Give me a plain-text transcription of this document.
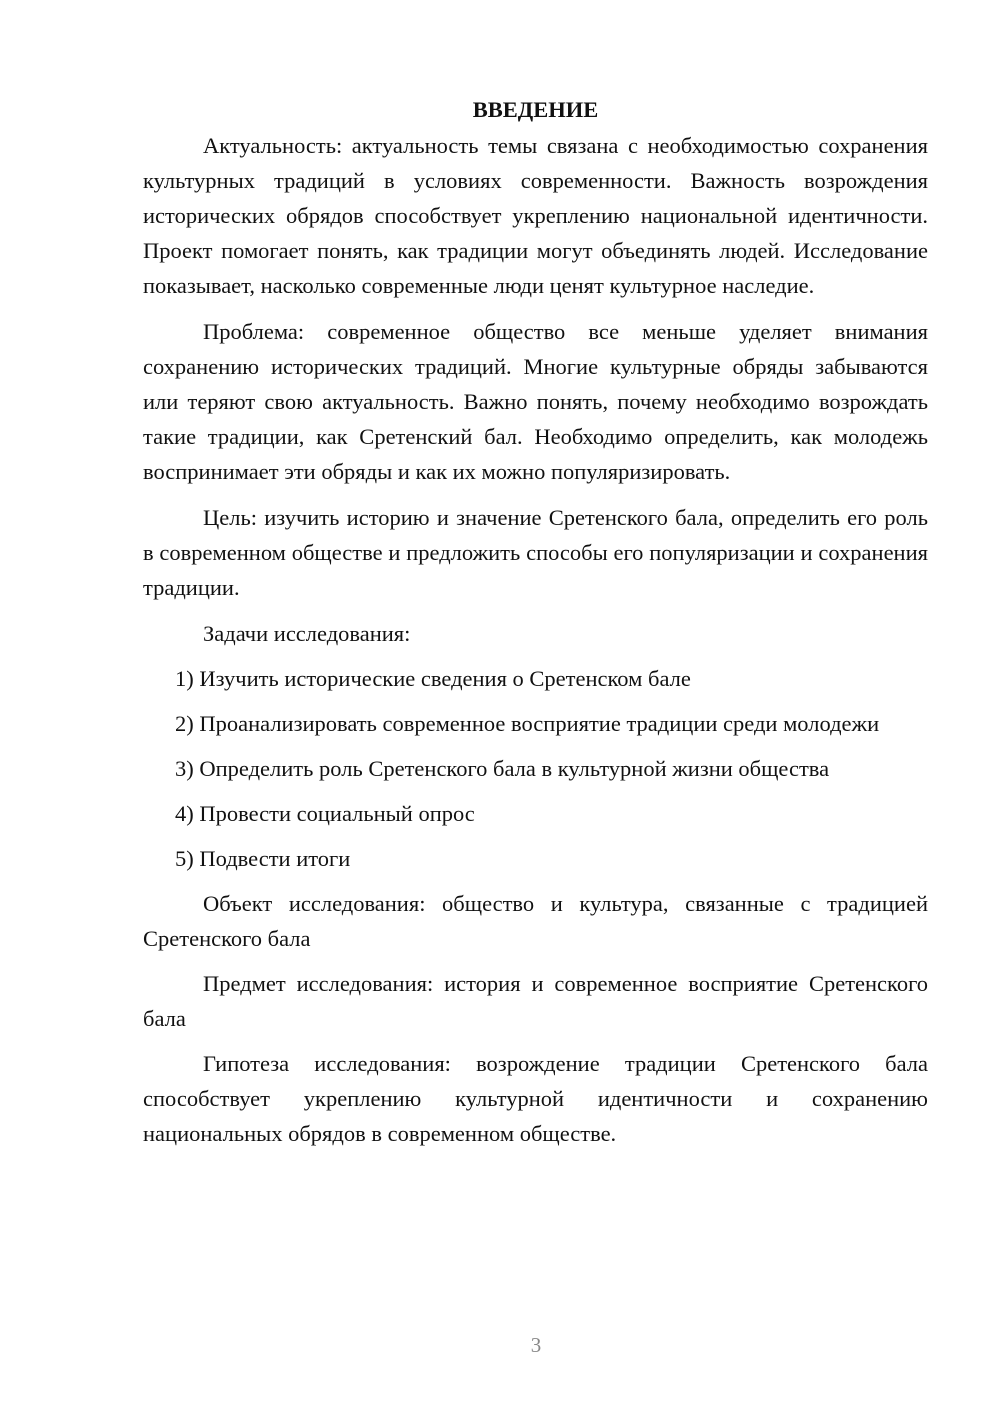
ВВЕДЕНИЕ

Актуальность: актуальность темы связана с необходимостью сохранения культурных традиций в условиях современности. Важность возрождения исторических обрядов способствует укреплению национальной идентичности. Проект помогает понять, как традиции могут объединять людей. Исследование показывает, насколько современные люди ценят культурное наследие.

Проблема: современное общество все меньше уделяет внимания сохранению исторических традиций. Многие культурные обряды забываются или теряют свою актуальность. Важно понять, почему необходимо возрождать такие традиции, как Сретенский бал. Необходимо определить, как молодежь воспринимает эти обряды и как их можно популяризировать.

Цель: изучить историю и значение Сретенского бала, определить его роль в современном обществе и предложить способы его популяризации и сохранения традиции.

Задачи исследования:

1) Изучить исторические сведения о Сретенском бале

2) Проанализировать современное восприятие традиции среди молодежи

3) Определить роль Сретенского бала в культурной жизни общества

4) Провести социальный опрос

5) Подвести итоги

Объект исследования: общество и культура, связанные с традицией Сретенского бала

Предмет исследования: история и современное восприятие Сретенского бала

Гипотеза исследования: возрождение традиции Сретенского бала способствует укреплению культурной идентичности и сохранению национальных обрядов в современном обществе.

3
